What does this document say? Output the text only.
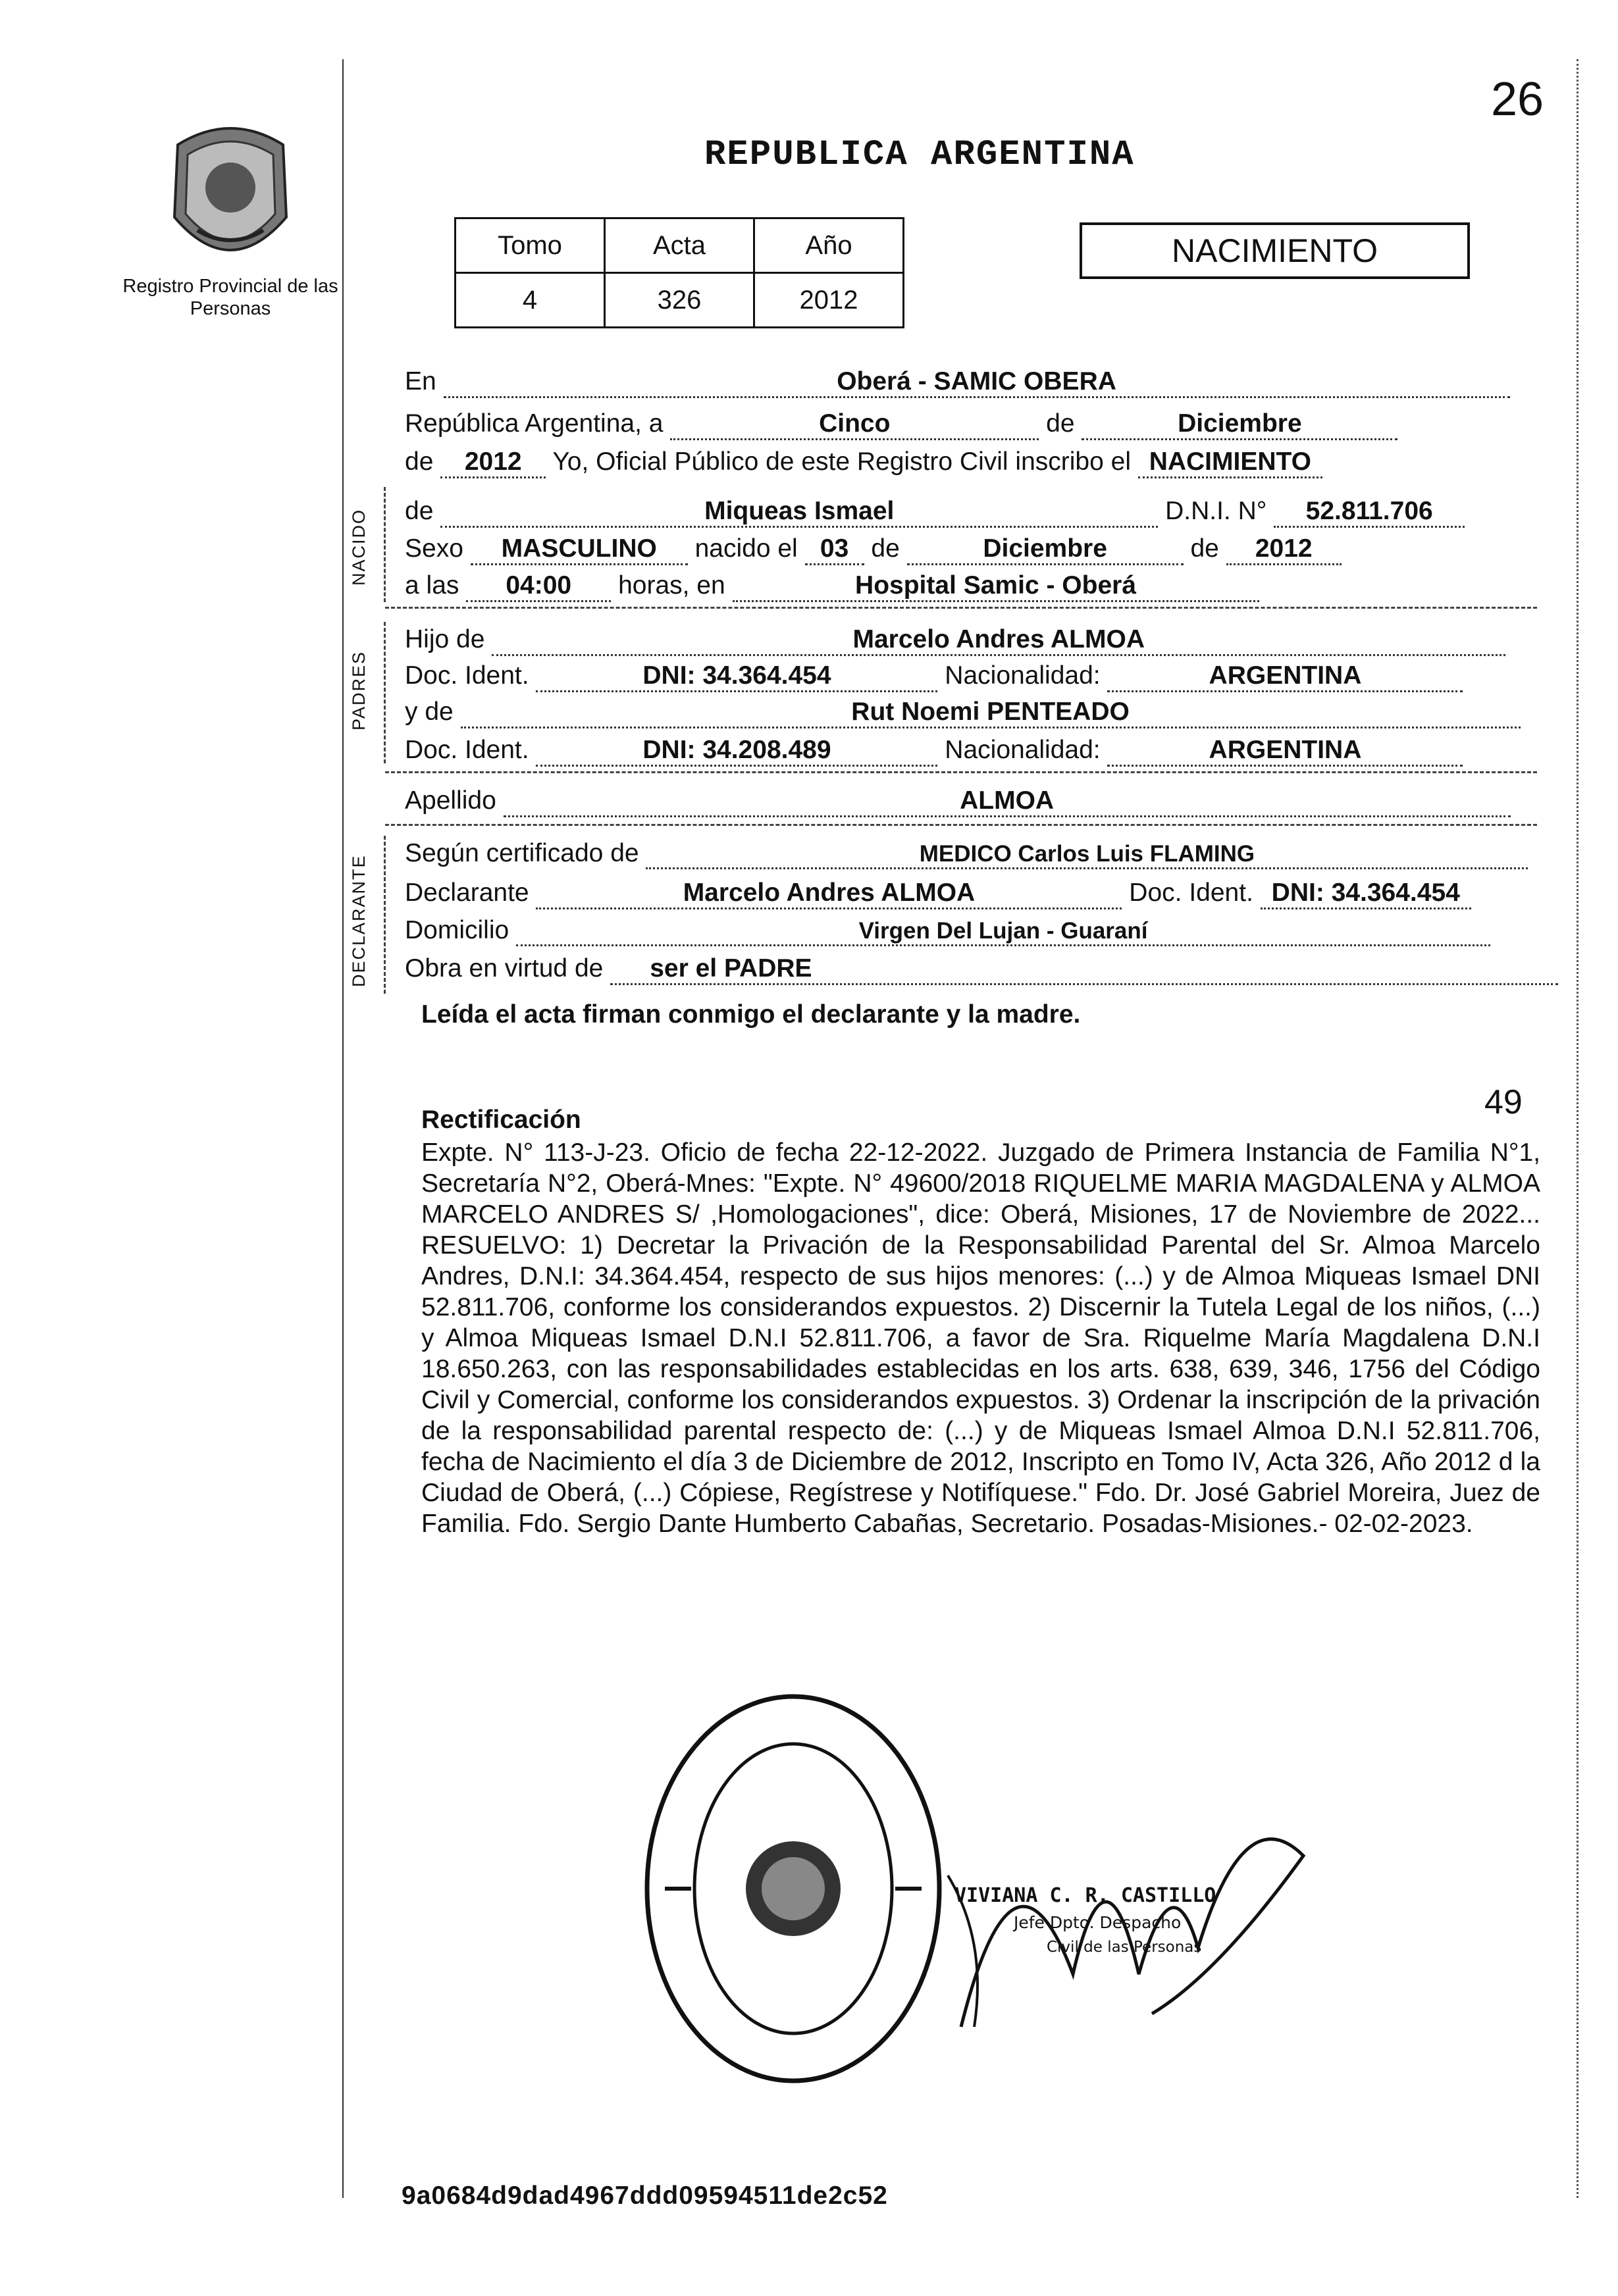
26
Registro Provincial de las Personas
REPUBLICA ARGENTINA
Tomo	Acta	Año
4	326	2012
NACIMIENTO
En	Oberá - SAMIC OBERA
República Argentina, a	Cinco	de	Diciembre
de 2012 Yo, Oficial Público de este Registro Civil inscribo el NACIMIENTO
NACIDO de	Miqueas Ismael	D.N.I. N° 52.811.706
Sexo MASCULINO nacido el 03 de	Diciembre	de 2012
a las 04:00 horas, en	Hospital Samic - Oberá
PADRES
Hijo de	Marcelo Andres ALMOA
Doc. Ident.	DNI: 34.364.454	Nacionalidad:	ARGENTINA
y de	Rut Noemi PENTEADO
Doc. Ident.	DNI: 34.208.489	Nacionalidad:	ARGENTINA
Apellido	ALMOA
DECLARANTE
Según certificado de	MEDICO Carlos Luis FLAMING
Declarante	Marcelo Andres ALMOA	Doc. Ident. DNI: 34.364.454
Domicilio	Virgen Del Lujan - Guaraní
Obra en virtud de ser el PADRE
Leída el acta firman conmigo el declarante y la madre.
49
Rectificación
Expte. N° 113-J-23. Oficio de fecha 22-12-2022. Juzgado de Primera Instancia de Familia N°1, Secretaría N°2, Oberá-Mnes: "Expte. N° 49600/2018 RIQUELME MARIA MAGDALENA y ALMOA MARCELO ANDRES S/ ,Homologaciones", dice: Oberá, Misiones, 17 de Noviembre de 2022... RESUELVO: 1) Decretar la Privación de la Responsabilidad Parental del Sr. Almoa Marcelo Andres, D.N.I: 34.364.454, respecto de sus hijos menores: (...) y de Almoa Miqueas Ismael DNI 52.811.706, conforme los considerandos expuestos. 2) Discernir la Tutela Legal de los niños, (...) y Almoa Miqueas Ismael D.N.I 52.811.706, a favor de Sra. Riquelme María Magdalena D.N.I 18.650.263, con las responsabilidades establecidas en los arts. 638, 639, 346, 1756 del Código Civil y Comercial, conforme los considerandos expuestos. 3) Ordenar la inscripción de la privación de la responsabilidad parental respecto de: (...) y de Miqueas Ismael Almoa D.N.I 52.811.706, fecha de Nacimiento el día 3 de Diciembre de 2012, Inscripto en Tomo IV, Acta 326, Año 2012 d la Ciudad de Oberá, (...) Cópiese, Regístrese y Notifíquese." Fdo. Dr. José Gabriel Moreira, Juez de Familia. Fdo. Sergio Dante Humberto Cabañas, Secretario. Posadas-Misiones.- 02-02-2023.
VIVIANA C. R. CASTILLO
Jefe Dpto. Despacho
Civil de las Personas
9a0684d9dad4967ddd09594511de2c52
